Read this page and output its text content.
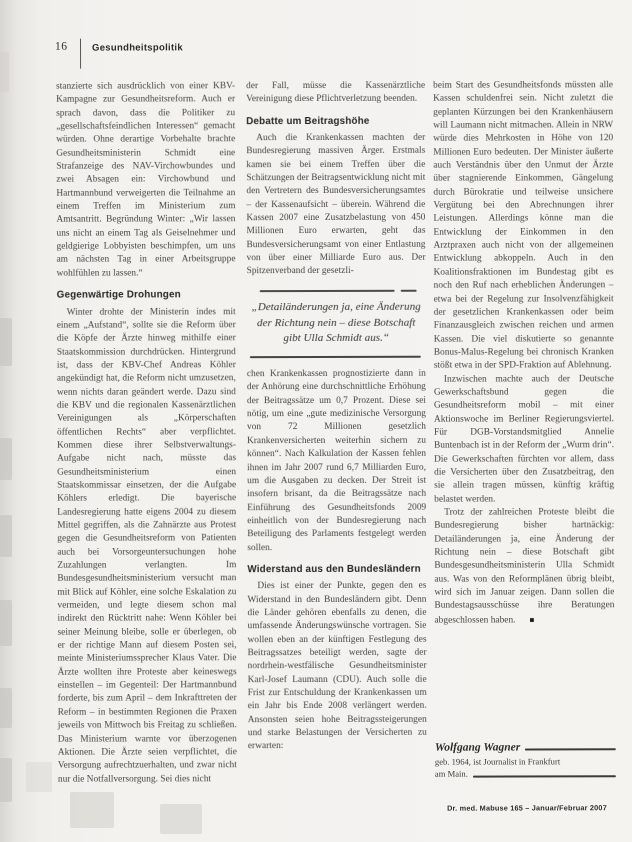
16	Gesundheitspolitik

stanzierte sich ausdrücklich von einer KBV-Kampagne zur Gesundheitsreform. Auch er sprach davon, dass die Politiker zu „gesellschaftsfeindlichen Interessen“ gemacht würden. Ohne derartige Vorbehalte brachte Gesundheitsministerin Schmidt eine Strafanzeige des NAV-Virchowbundes und zwei Absagen ein: Virchowbund und Hartmannbund verweigerten die Teilnahme an einem Treffen im Ministerium zum Amtsantritt. Begründung Winter: „Wir lassen uns nicht an einem Tag als Geiselnehmer und geldgierige Lobbyisten beschimpfen, um uns am nächsten Tag in einer Arbeitsgruppe wohlfühlen zu lassen.“

Gegenwärtige Drohungen

Winter drohte der Ministerin indes mit einem „Aufstand“, sollte sie die Reform über die Köpfe der Ärzte hinweg mithilfe einer Staatskommission durchdrücken. Hintergrund ist, dass der KBV-Chef Andreas Köhler angekündigt hat, die Reform nicht umzusetzen, wenn nichts daran geändert werde. Dazu sind die KBV und die regionalen Kassenärztlichen Vereinigungen als „Körperschaften öffentlichen Rechts“ aber verpflichtet. Kommen diese ihrer Selbstverwaltungs-Aufgabe nicht nach, müsste das Gesundheitsministerium einen Staatskommissar einsetzen, der die Aufgabe Köhlers erledigt. Die bayerische Landesregierung hatte eigens 2004 zu diesem Mittel gegriffen, als die Zahnärzte aus Protest gegen die Gesundheitsreform von Patienten auch bei Vorsorgeuntersuchungen hohe Zuzahlungen verlangten. Im Bundesgesundheitsministerium versucht man mit Blick auf Köhler, eine solche Eskalation zu vermeiden, und legte diesem schon mal indirekt den Rücktritt nahe: Wenn Köhler bei seiner Meinung bleibe, solle er überlegen, ob er der richtige Mann auf diesem Posten sei, meinte Ministeriumssprecher Klaus Vater. Die Ärzte wollten ihre Proteste aber keineswegs einstellen – im Gegenteil: Der Hartmannbund forderte, bis zum April – dem Inkrafttreten der Reform – in bestimmten Regionen die Praxen jeweils von Mittwoch bis Freitag zu schließen. Das Ministerium warnte vor überzogenen Aktionen. Die Ärzte seien verpflichtet, die Versorgung aufrechtzuerhalten, und zwar nicht nur die Notfallversorgung. Sei dies nicht

der Fall, müsse die Kassenärztliche Vereinigung diese Pflichtverletzung beenden.

Debatte um Beitragshöhe

Auch die Krankenkassen machten der Bundesregierung massiven Ärger. Erstmals kamen sie bei einem Treffen über die Schätzungen der Beitragsentwicklung nicht mit den Vertretern des Bundesversicherungsamtes – der Kassenaufsicht – überein. Während die Kassen 2007 eine Zusatzbelastung von 450 Millionen Euro erwarten, geht das Bundesversicherungsamt von einer Entlastung von über einer Milliarde Euro aus. Der Spitzenverband der gesetzli-

„Detailänderungen ja, eine Änderung der Richtung nein – diese Botschaft gibt Ulla Schmidt aus.“

chen Krankenkassen prognostizierte dann in der Anhörung eine durchschnittliche Erhöhung der Beitragssätze um 0,7 Prozent. Diese sei nötig, um eine „gute medizinische Versorgung von 72 Millionen gesetzlich Krankenversicherten weiterhin sichern zu können“. Nach Kalkulation der Kassen fehlen ihnen im Jahr 2007 rund 6,7 Milliarden Euro, um die Ausgaben zu decken. Der Streit ist insofern brisant, da die Beitragssätze nach Einführung des Gesundheitsfonds 2009 einheitlich von der Bundesregierung nach Beteiligung des Parlaments festgelegt werden sollen.

Widerstand aus den Bundesländern

Dies ist einer der Punkte, gegen den es Widerstand in den Bundesländern gibt. Denn die Länder gehören ebenfalls zu denen, die umfassende Änderungswünsche vortragen. Sie wollen eben an der künftigen Festlegung des Beitragssatzes beteiligt werden, sagte der nordrhein-westfälische Gesundheitsminister Karl-Josef Laumann (CDU). Auch solle die Frist zur Entschuldung der Krankenkassen um ein Jahr bis Ende 2008 verlängert werden. Ansonsten seien hohe Beitragssteigerungen und starke Belastungen der Versicherten zu erwarten:

beim Start des Gesundheitsfonds müssten alle Kassen schuldenfrei sein. Nicht zuletzt die geplanten Kürzungen bei den Krankenhäusern will Laumann nicht mitmachen. Allein in NRW würde dies Mehrkosten in Höhe von 120 Millionen Euro bedeuten. Der Minister äußerte auch Verständnis über den Unmut der Ärzte über stagnierende Einkommen, Gängelung durch Bürokratie und teilweise unsichere Vergütung bei den Abrechnungen ihrer Leistungen. Allerdings könne man die Entwicklung der Einkommen in den Arztpraxen auch nicht von der allgemeinen Entwicklung abkoppeln. Auch in den Koalitionsfraktionen im Bundestag gibt es noch den Ruf nach erheblichen Änderungen – etwa bei der Regelung zur Insolvenzfähigkeit der gesetzlichen Krankenkassen oder beim Finanzausgleich zwischen reichen und armen Kassen. Die viel diskutierte so genannte Bonus-Malus-Regelung bei chronisch Kranken stößt etwa in der SPD-Fraktion auf Ablehnung.

Inzwischen machte auch der Deutsche Gewerkschaftsbund gegen die Gesundheitsreform mobil – mit einer Aktionswoche im Berliner Regierungsviertel. Für DGB-Vorstandsmitglied Annelie Buntenbach ist in der Reform der „Wurm drin“. Die Gewerkschaften fürchten vor allem, dass die Versicherten über den Zusatzbeitrag, den sie allein tragen müssen, künftig kräftig belastet werden.

Trotz der zahlreichen Proteste bleibt die Bundesregierung bisher hartnäckig: Detailänderungen ja, eine Änderung der Richtung nein – diese Botschaft gibt Bundesgesundheitsministerin Ulla Schmidt aus. Was von den Reformplänen übrig bleibt, wird sich im Januar zeigen. Dann sollen die Bundestagsausschüsse ihre Beratungen abgeschlossen haben. ■

Wolfgang Wagner
geb. 1964, ist Journalist in Frankfurt
am Main.
Dr. med. Mabuse 165 – Januar/Februar 2007
